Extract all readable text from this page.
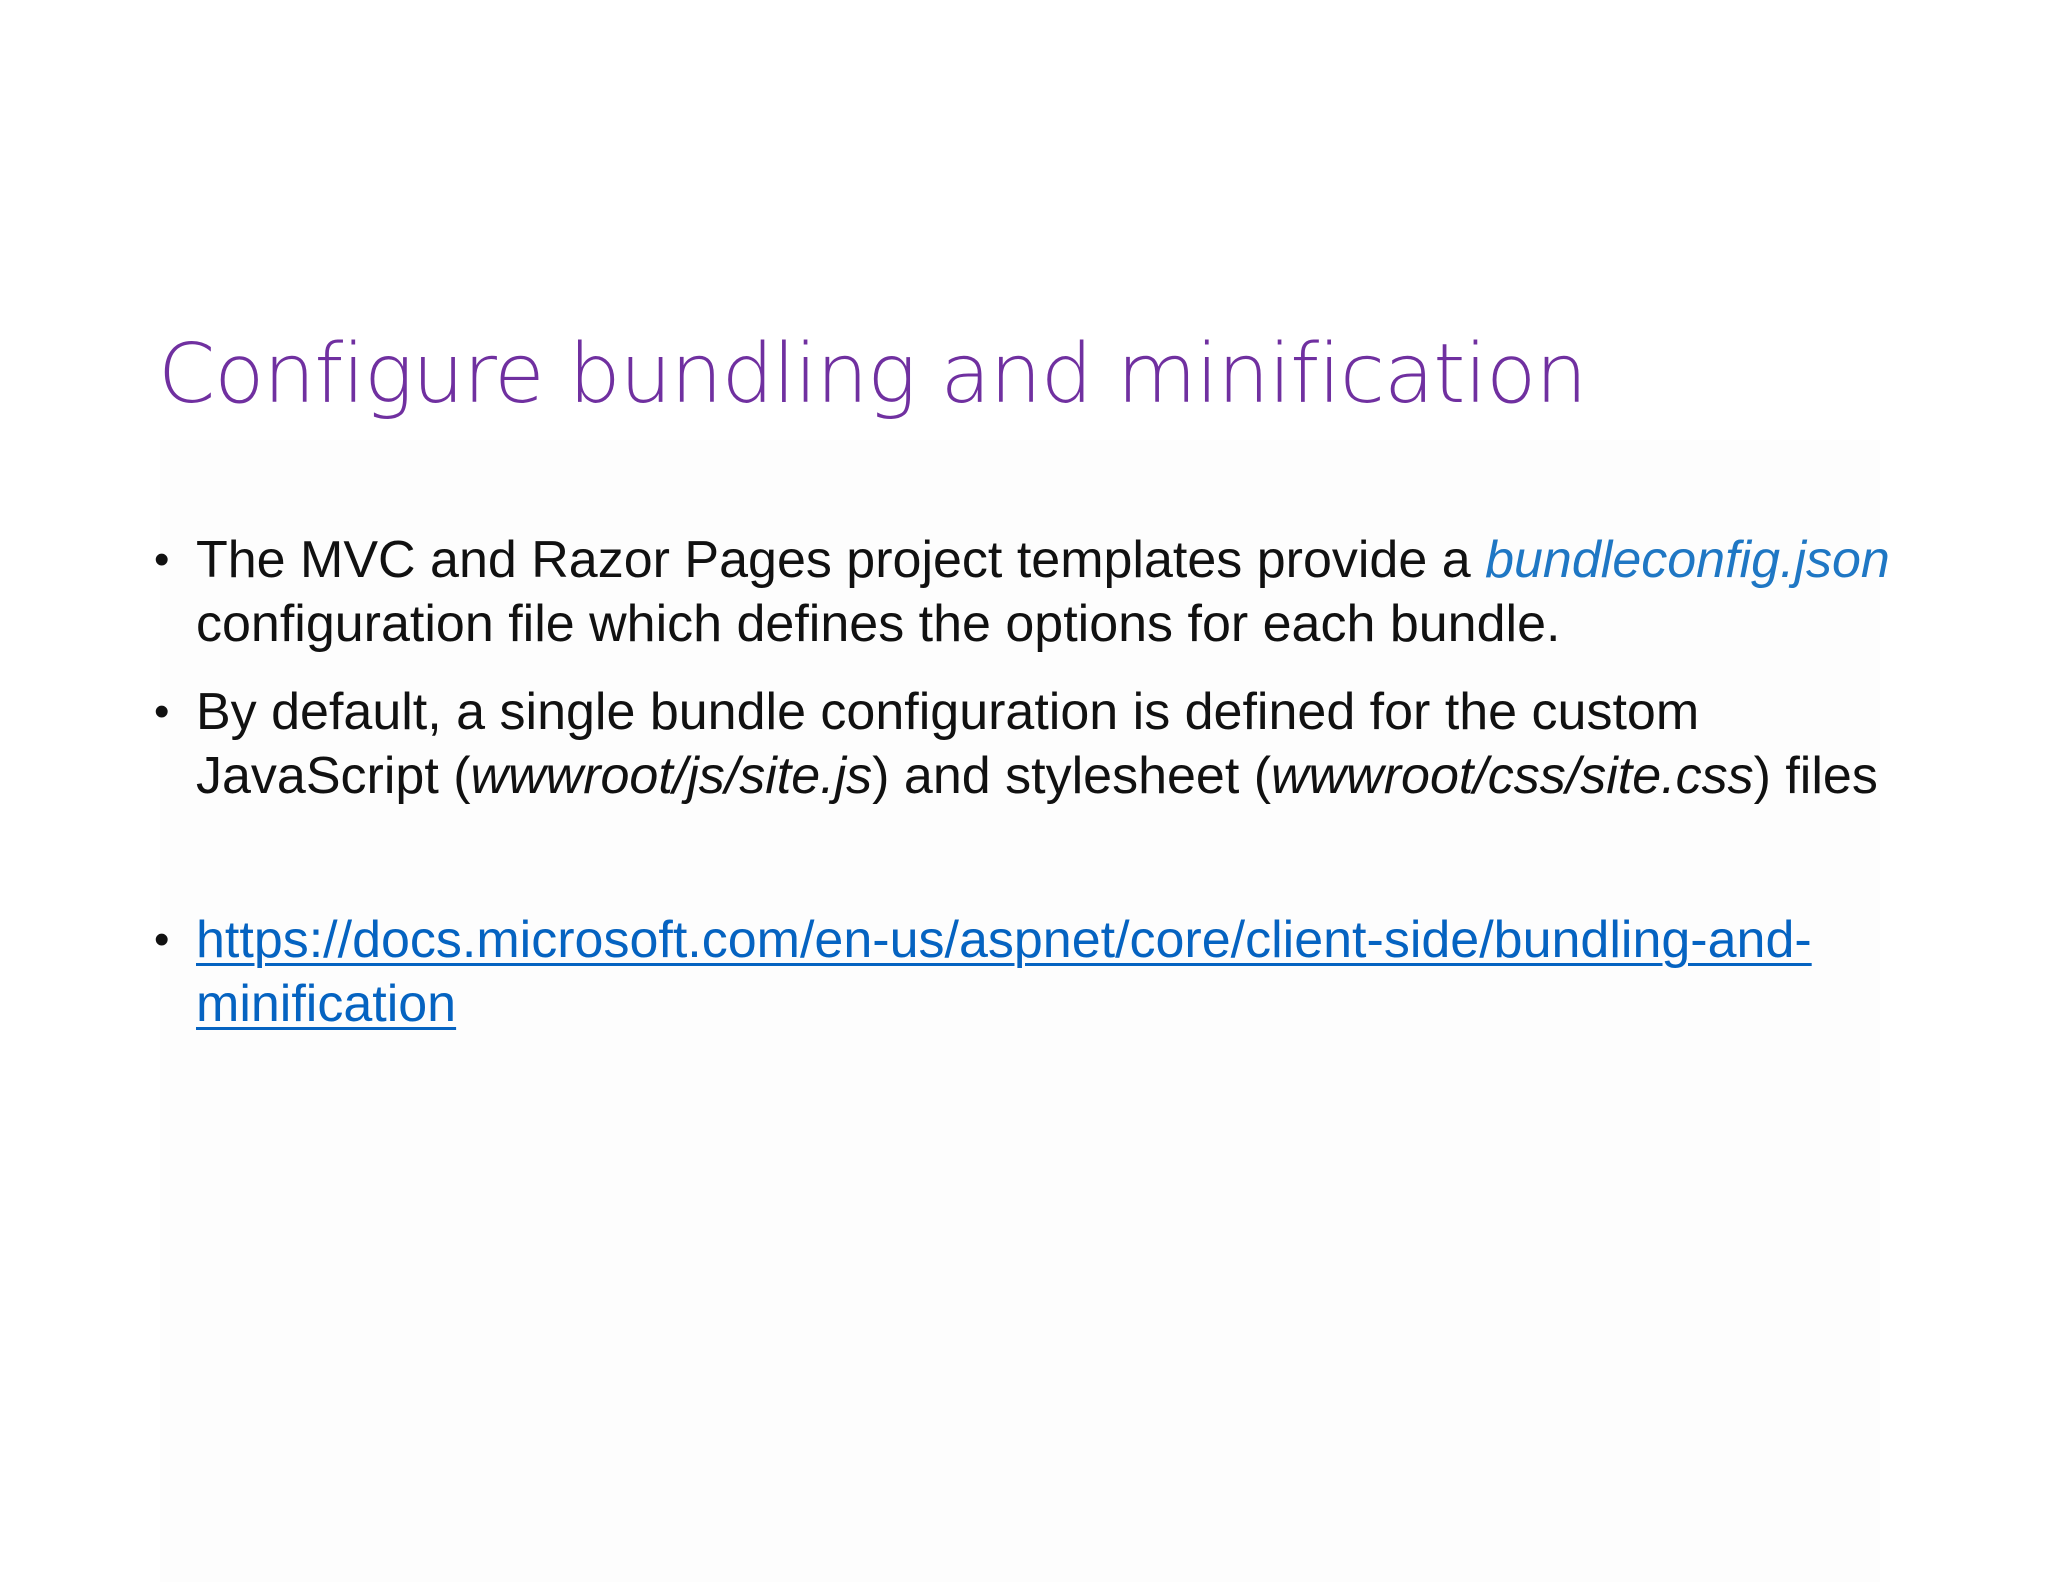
Configure bundling and minification
• The MVC and Razor Pages project templates provide a bundleconfig.json configuration file which defines the options for each bundle.
• By default, a single bundle configuration is defined for the custom JavaScript (wwwroot/js/site.js) and stylesheet (wwwroot/css/site.css) files
• https://docs.microsoft.com/en-us/aspnet/core/client-side/bundling-and-minification
